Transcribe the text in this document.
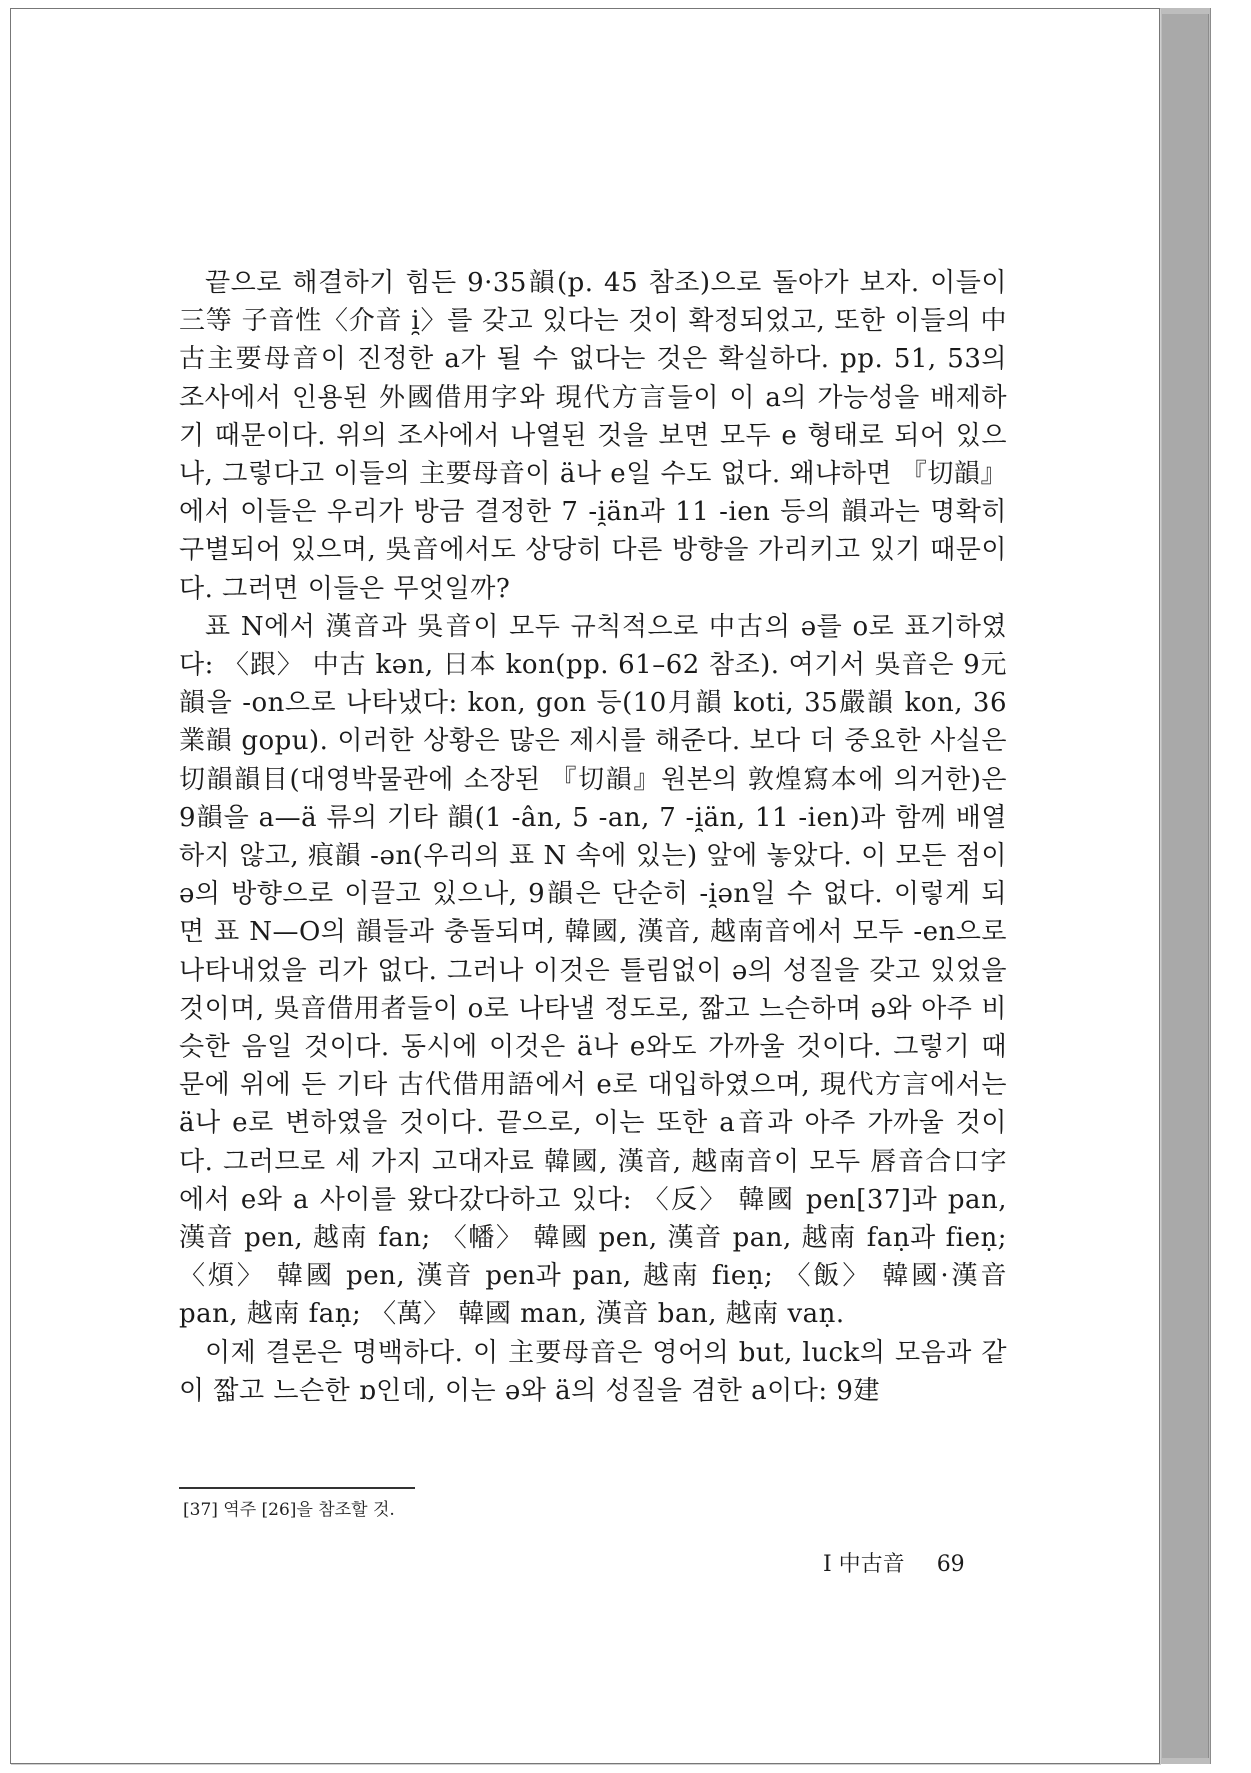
끝으로 해결하기 힘든 9·35韻(p. 45 참조)으로 돌아가 보자. 이들이 三等 子音性〈介音 i̯〉를 갖고 있다는 것이 확정되었고, 또한 이들의 中古主要母音이 진정한 a가 될 수 없다는 것은 확실하다. pp. 51, 53의 조사에서 인용된 外國借用字와 現代方言들이 이 a의 가능성을 배제하기 때문이다. 위의 조사에서 나열된 것을 보면 모두 e 형태로 되어 있으나, 그렇다고 이들의 主要母音이 ä나 e일 수도 없다. 왜냐하면 『切韻』에서 이들은 우리가 방금 결정한 7 -i̯än과 11 -ien 등의 韻과는 명확히 구별되어 있으며, 吳音에서도 상당히 다른 방향을 가리키고 있기 때문이다. 그러면 이들은 무엇일까?

표 N에서 漢音과 吳音이 모두 규칙적으로 中古의 ə를 o로 표기하였다: 〈跟〉 中古 kən, 日本 kon(pp. 61–62 참조). 여기서 吳音은 9元韻을 -on으로 나타냈다: kon, gon 등(10月韻 koti, 35嚴韻 kon, 36業韻 gopu). 이러한 상황은 많은 제시를 해준다. 보다 더 중요한 사실은 切韻韻目(대영박물관에 소장된 『切韻』원본의 敦煌寫本에 의거한)은 9韻을 a—ä 류의 기타 韻(1 -ân, 5 -an, 7 -i̯än, 11 -ien)과 함께 배열하지 않고, 痕韻 -ən(우리의 표 N 속에 있는) 앞에 놓았다. 이 모든 점이 ə의 방향으로 이끌고 있으나, 9韻은 단순히 -i̯ən일 수 없다. 이렇게 되면 표 N—O의 韻들과 충돌되며, 韓國, 漢音, 越南音에서 모두 -en으로 나타내었을 리가 없다. 그러나 이것은 틀림없이 ə의 성질을 갖고 있었을 것이며, 吳音借用者들이 o로 나타낼 정도로, 짧고 느슨하며 ə와 아주 비슷한 음일 것이다. 동시에 이것은 ä나 e와도 가까울 것이다. 그렇기 때문에 위에 든 기타 古代借用語에서 e로 대입하였으며, 現代方言에서는 ä나 e로 변하였을 것이다. 끝으로, 이는 또한 a音과 아주 가까울 것이다. 그러므로 세 가지 고대자료 韓國, 漢音, 越南音이 모두 唇音合口字에서 e와 a 사이를 왔다갔다하고 있다: 〈反〉 韓國 pen[37]과 pan, 漢音 pen, 越南 fan; 〈幡〉 韓國 pen, 漢音 pan, 越南 faṇ과 fieṇ; 〈煩〉 韓國 pen, 漢音 pen과 pan, 越南 fieṇ; 〈飯〉 韓國·漢音 pan, 越南 faṇ; 〈萬〉 韓國 man, 漢音 ban, 越南 vaṇ.

이제 결론은 명백하다. 이 主要母音은 영어의 but, luck의 모음과 같이 짧고 느슨한 ɒ인데, 이는 ə와 ä의 성질을 겸한 a이다: 9建

[37] 역주 [26]을 참조할 것.
I 中古音 69
